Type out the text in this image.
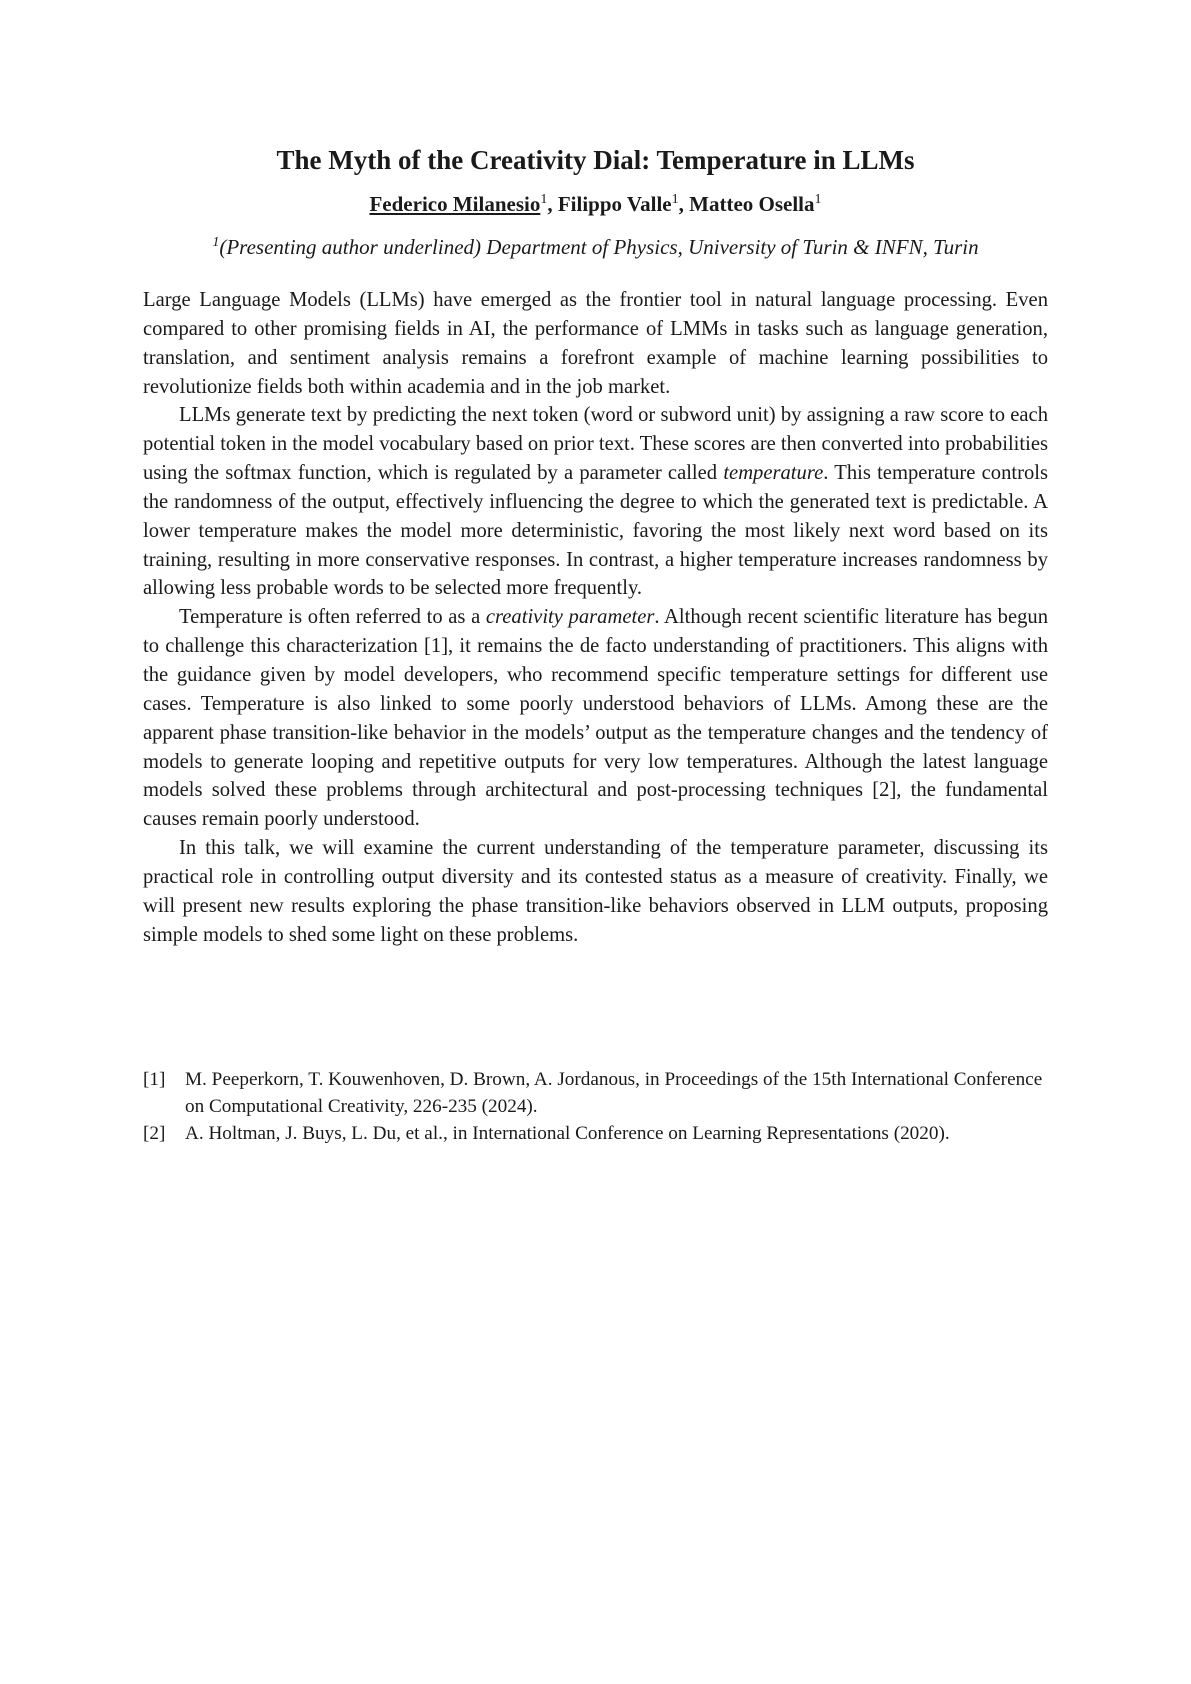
The Myth of the Creativity Dial: Temperature in LLMs
Federico Milanesio$^1$, Filippo Valle$^1$, Matteo Osella$^1$
$^1$(Presenting author underlined) Department of Physics, University of Turin & INFN, Turin

Large Language Models (LLMs) have emerged as the frontier tool in natural language processing. Even compared to other promising fields in AI, the performance of LMMs in tasks such as language generation, translation, and sentiment analysis remains a forefront example of machine learning possibilities to revolutionize fields both within academia and in the job market.

LLMs generate text by predicting the next token (word or subword unit) by assigning a raw score to each potential token in the model vocabulary based on prior text. These scores are then converted into probabilities using the softmax function, which is regulated by a parameter called temperature. This temperature controls the randomness of the output, effectively influencing the degree to which the generated text is predictable. A lower temperature makes the model more deterministic, favoring the most likely next word based on its training, resulting in more conservative responses. In contrast, a higher temperature increases randomness by allowing less probable words to be selected more frequently.

Temperature is often referred to as a creativity parameter. Although recent scientific literature has begun to challenge this characterization [1], it remains the de facto understanding of practitioners. This aligns with the guidance given by model developers, who recommend specific temperature settings for different use cases. Temperature is also linked to some poorly understood behaviors of LLMs. Among these are the apparent phase transition-like behavior in the models’ output as the temperature changes and the tendency of models to generate looping and repetitive outputs for very low temperatures. Although the latest language models solved these problems through architectural and post-processing techniques [2], the fundamental causes remain poorly understood.

In this talk, we will examine the current understanding of the temperature parameter, discussing its practical role in controlling output diversity and its contested status as a measure of creativity. Finally, we will present new results exploring the phase transition-like behaviors observed in LLM outputs, proposing simple models to shed some light on these problems.

[1] M. Peeperkorn, T. Kouwenhoven, D. Brown, A. Jordanous, in Proceedings of the 15th International Conference on Computational Creativity, 226-235 (2024).
[2] A. Holtman, J. Buys, L. Du, et al., in International Conference on Learning Representations (2020).
